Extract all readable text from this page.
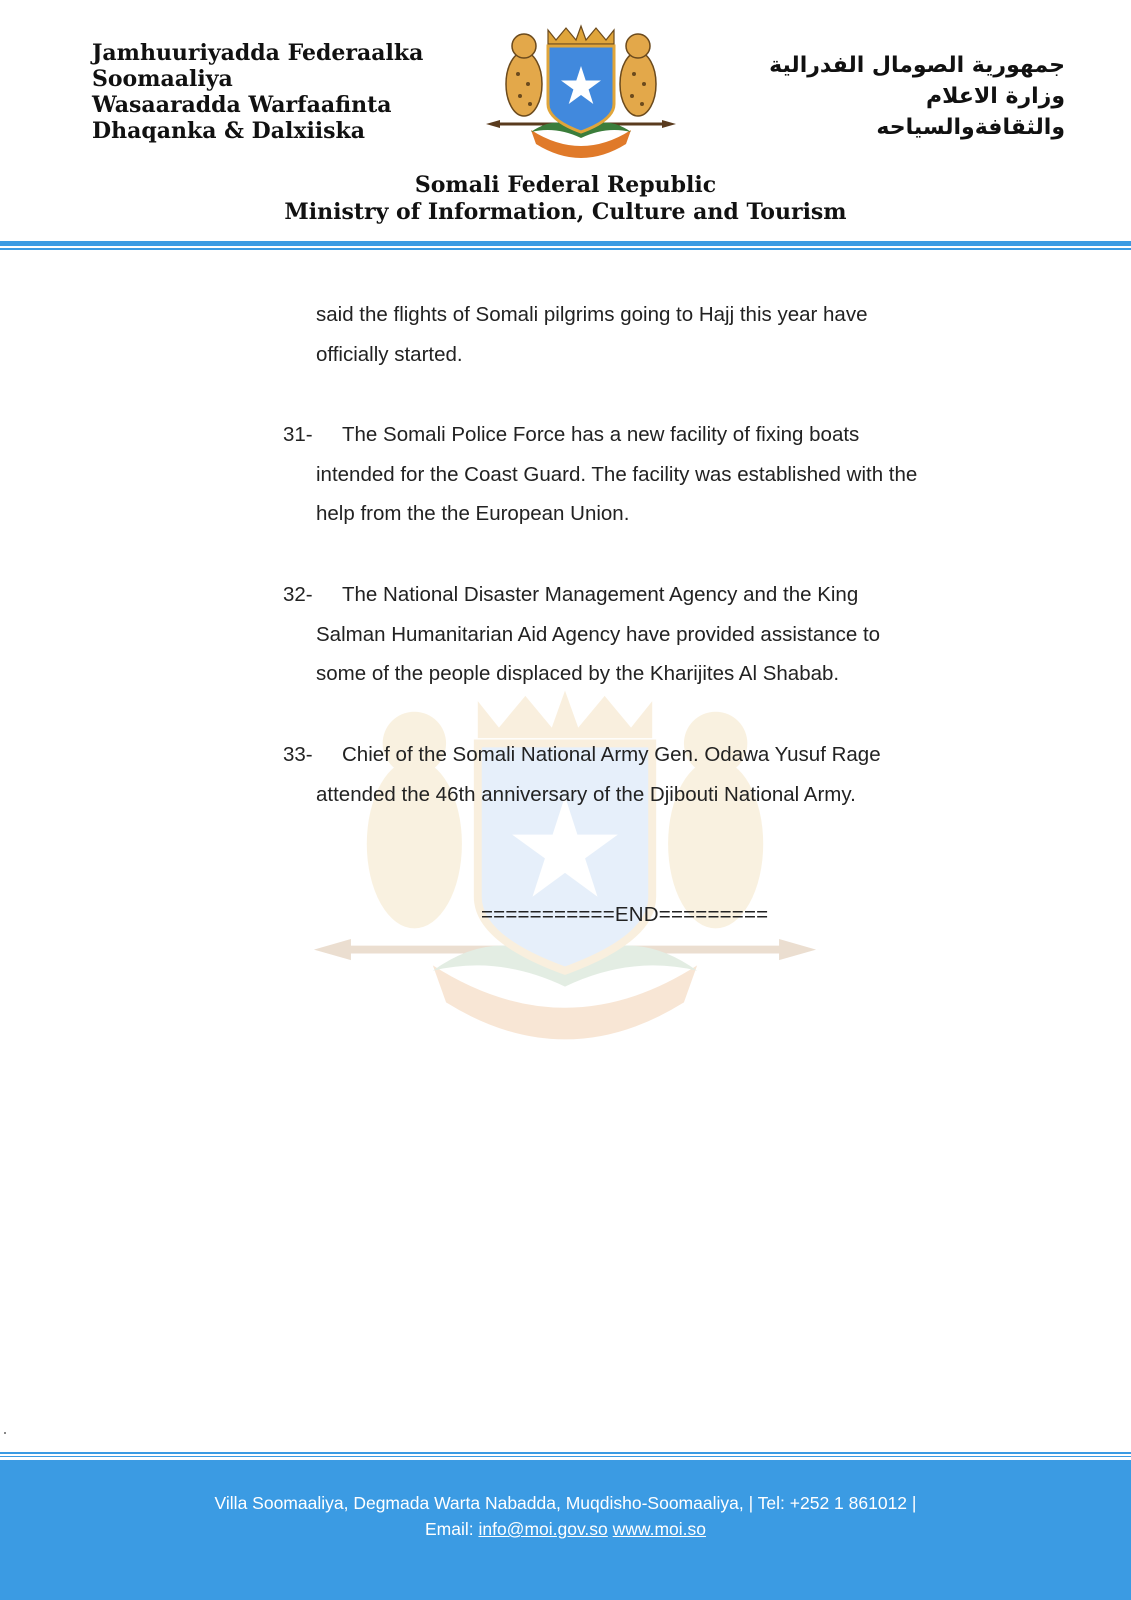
Jamhuuriyadda Federaalka
Soomaaliya
Wasaaradda Warfaafinta
Dhaqanka & Dalxiiska
جمهورية الصومال الفدرالية
وزارة الاعلام
والثقافةوالسياحه
Somali Federal Republic
Ministry of Information, Culture and Tourism
said the flights of Somali pilgrims going to Hajj this year have
officially started.
31- The Somali Police Force has a new facility of fixing boats
intended for the Coast Guard. The facility was established with the
help from the the European Union.
32- The National Disaster Management Agency and the King
Salman Humanitarian Aid Agency have provided assistance to
some of the people displaced by the Kharijites Al Shabab.
33- Chief of the Somali National Army Gen. Odawa Yusuf Rage
attended the 46th anniversary of the Djibouti National Army.
===========END=========
Villa Soomaaliya, Degmada Warta Nabadda, Muqdisho-Soomaaliya, | Tel: +252 1 861012 |
Email: info@moi.gov.so www.moi.so
